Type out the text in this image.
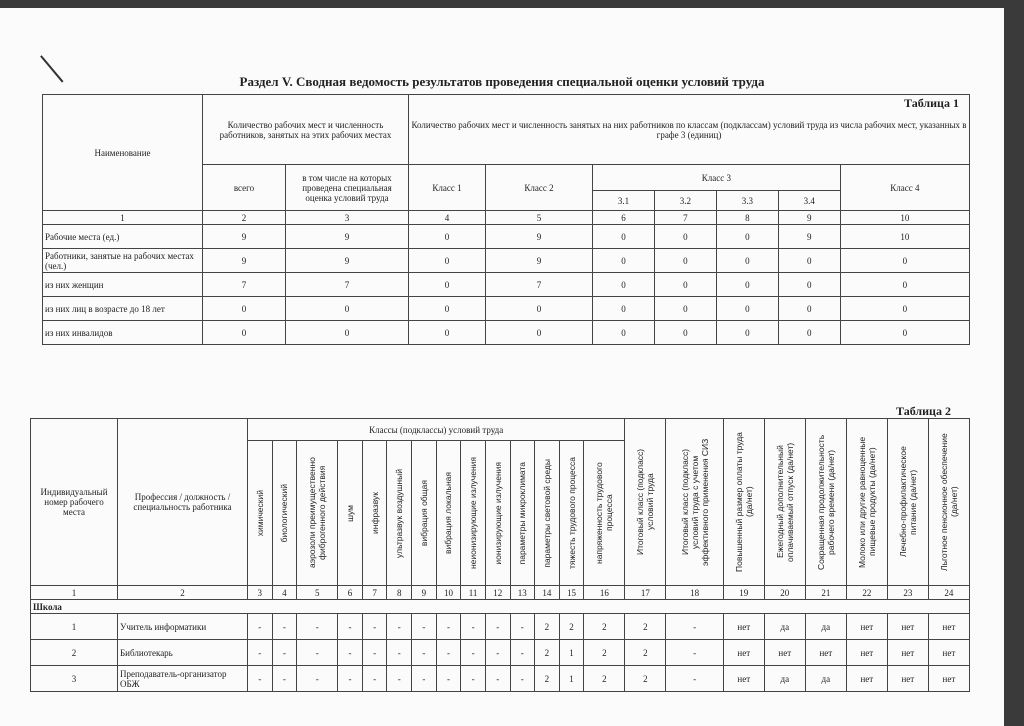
Раздел V. Сводная ведомость результатов проведения специальной оценки условий труда
Таблица 1
Наименование	Количество рабочих мест и численность работников, занятых на этих рабочих местах		Количество рабочих мест и численность занятых на них работников по классам (подклассам) условий труда из числа рабочих мест, указанных в графе 3 (единиц)						
	всего	в том числе на которых проведена специальная оценка условий труда	Класс 1	Класс 2	Класс 3				Класс 4
					3.1	3.2	3.3	3.4	
1	2	3	4	5	6	7	8	9	10
Рабочие места (ед.)	9	9	0	9	0	0	0	9	10
Работники, занятые на рабочих местах (чел.)	9	9	0	9	0	0	0	0	0
из них женщин	7	7	0	7	0	0	0	0	0
из них лиц в возрасте до 18 лет	0	0	0	0	0	0	0	0	0
из них инвалидов	0	0	0	0	0	0	0	0	0
Таблица 2
Индивидуальный номер рабочего места	Профессия / должность / специальность работника	Классы (подклассы) условий труда														Итоговый класс (подкласс) условий труда	Итоговый класс (подкласс) условий труда с учетом эффективного применения СИЗ	Повышенный размер оплаты труда (да/нет)	Ежегодный дополнительный оплачиваемый отпуск (да/нет)	Сокращенная продолжительность рабочего времени (да/нет)	Молоко или другие равноценные пищевые продукты (да/нет)	Лечебно-профилактическое питание (да/нет)	Льготное пенсионное обеспечение (да/нет)

		химический	биологический	аэрозоли преимущественно фиброгенного действия	шум	инфразвук	ультразвук воздушный	вибрация общая	вибрация локальная	неионизирующие излучения	ионизирующие излучения	параметры микроклимата	параметры световой среды	тяжесть трудового процесса	напряженность трудового процесса								

1	2	3	4	5	6	7	8	9	10	11	12	13	14	15	16	17	18	19	20	21	22	23	24
Школа																							
1	Учитель информатики	-	-	-	-	-	-	-	-	-	-	-	2	2	2	2	-	нет	да	да	нет	нет	нет
2	Библиотекарь	-	-	-	-	-	-	-	-	-	-	-	2	1	2	2	-	нет	нет	нет	нет	нет	нет
3	Преподаватель-организатор ОБЖ	-	-	-	-	-	-	-	-	-	-	-	2	1	2	2	-	нет	да	да	нет	нет	нет
